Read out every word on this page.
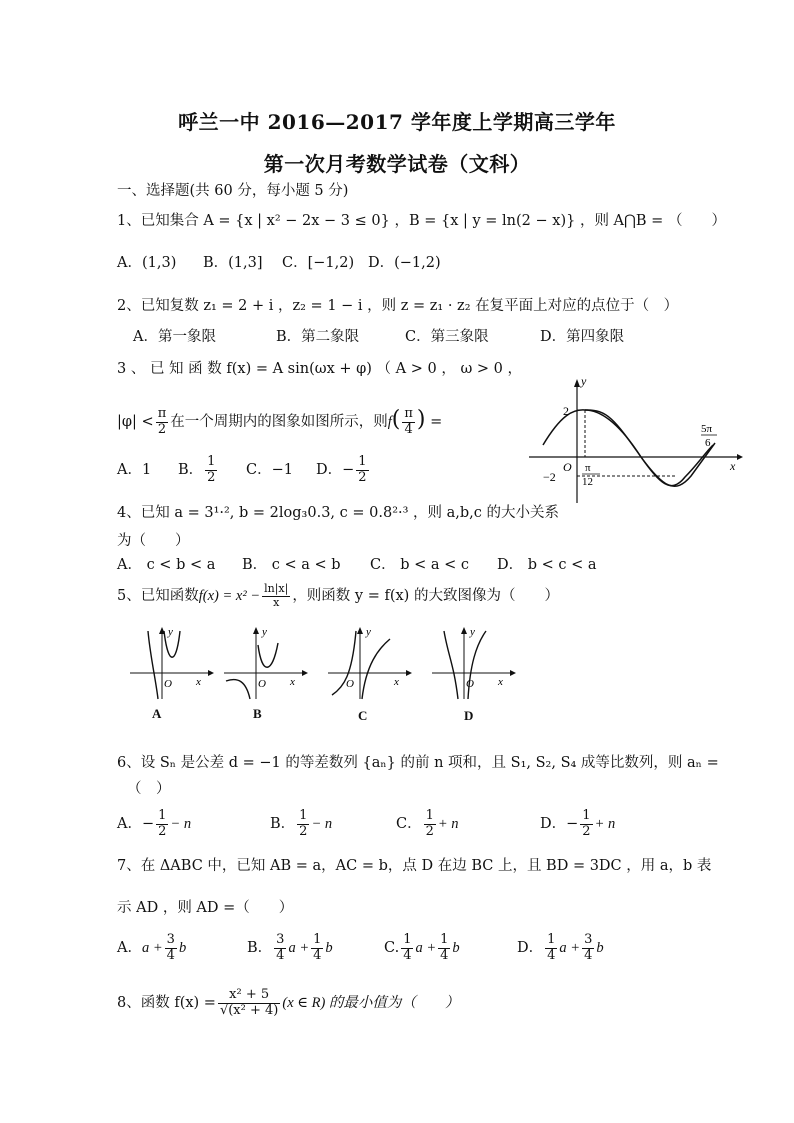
呼兰一中 2016—2017 学年度上学期高三学年
第一次月考数学试卷（文科）
一、选择题(共 60 分，每小题 5 分)
1、已知集合 A = {x | x² − 2x − 3 ≤ 0} ，B = {x | y = ln(2 − x)} ，则 A⋂B = （　　）
A．(1,3) B．(1,3] C．[−1,2) D．(−1,2)
2、已知复数 z₁ = 2 + i ，z₂ = 1 − i ，则 z = z₁ · z₂ 在复平面上对应的点位于（　）
A．第一象限	B．第二象限	C．第三象限	D．第四象限
3 、 已 知 函 数 f(x) = A sin(ωx + φ) （ A > 0 ， ω > 0 ，
$|\varphi| < \frac{\pi}{2}$ 在一个周期内的图象如图所示，则$f( \frac{\pi}{4}$ ) =
A．1 B． $\frac{1}{2}$ C．−1 D．− $\frac{1}{2}$
y
x
O
2
−2
π
12
5π
6
4、已知 a = 3¹·², b = 2log₃0.3, c = 0.8²·³ ，则 a,b,c 的大小关系
为（　　）
A． c < b < a B． c < a < b C． b < a < c D． b < c < a
5、已知函数$f(x) = x^2 - \frac{\ln|x|}{x}$ ，则函数 y = f(x) 的大致图像为（　　）
y
O x
y
O x
y
O	x
y
O x
A	B	C	D
6、设 Sₙ 是公差 d = −1 的等差数列 {aₙ} 的前 n 项和，且 S₁, S₂, S₄ 成等比数列，则 aₙ =
（　）
A．− $\frac{1}{2} - n$	B． $\frac{1}{2} - n$	C． $\frac{1}{2} + n$	D．− $\frac{1}{2} + n$
7、在 ΔABC 中，已知 AB = a，AC = b，点 D 在边 BC 上，且 BD = 3DC ，用 a，b 表
示 AD ，则 AD =（　　）
A．$a + \frac{3}{4}$ b	B． $\frac{3}{4}$ $a + \frac{1}{4}$ b	C. $\frac{1}{4}$ $a + \frac{1}{4}$ b	D． $\frac{1}{4}$ $a + \frac{3}{4}$ b
8、函数 $f(x) = \frac{\text{x² + 5}}{\text{√(x² + 4)}} (x$ ∈ R) 的最小值为（　　）
